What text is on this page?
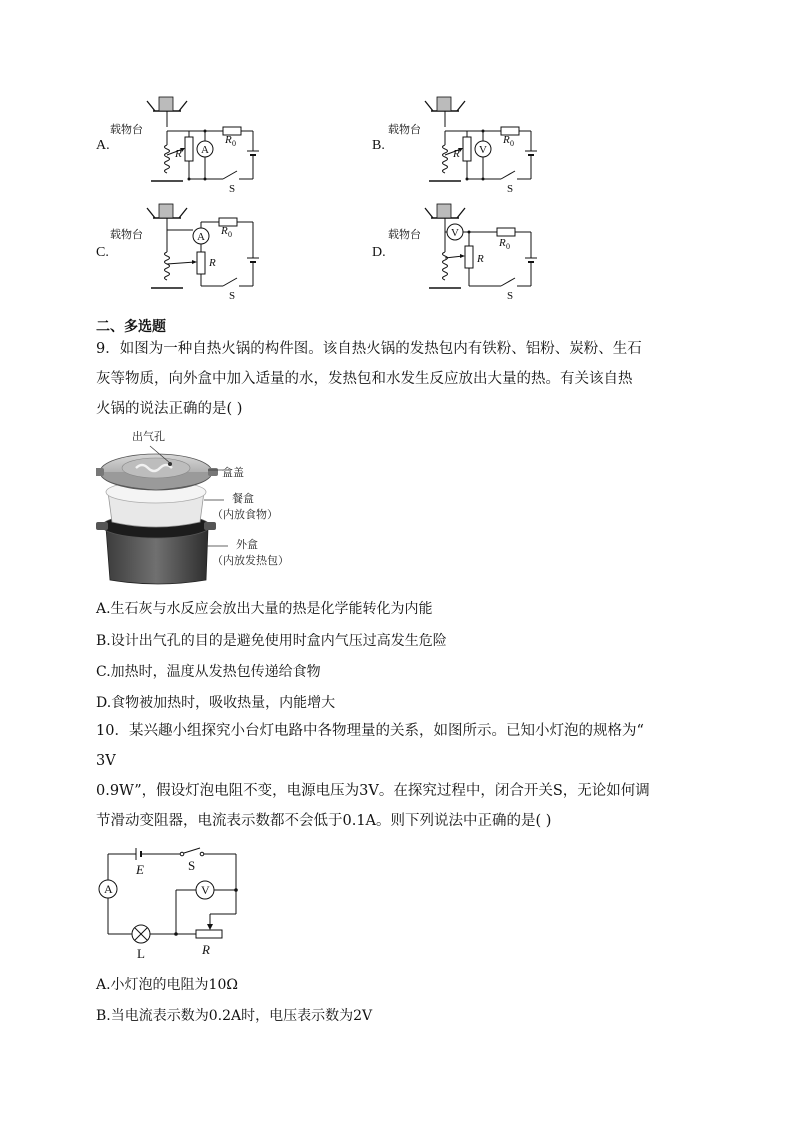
A.
载物台
R A
R 0
S
B.
载物台
R V
R 0
S
C.
载物台	A R 0
R
S
D.
载物台	V
R 0
R
S
二、多选题
9．如图为一种自热火锅的构件图。该自热火锅的发热包内有铁粉、铝粉、炭粉、生石
灰等物质，向外盒中加入适量的水，发热包和水发生反应放出大量的热。有关该自热
火锅的说法正确的是( )
出气孔
盒盖
餐盒
（内放食物）
外盒
（内放发热包）
A.生石灰与水反应会放出大量的热是化学能转化为内能
B.设计出气孔的目的是避免使用时盒内气压过高发生危险
C.加热时，温度从发热包传递给食物
D.食物被加热时，吸收热量，内能增大
10．某兴趣小组探究小台灯电路中各物理量的关系，如图所示。已知小灯泡的规格为“
3V
0.9W”，假设灯泡电阻不变，电源电压为3V。在探究过程中，闭合开关S，无论如何调
节滑动变阻器，电流表示数都不会低于0.1A。则下列说法中正确的是( )
E	S
A
L	R
V
A.小灯泡的电阻为10Ω
B.当电流表示数为0.2A时，电压表示数为2V
